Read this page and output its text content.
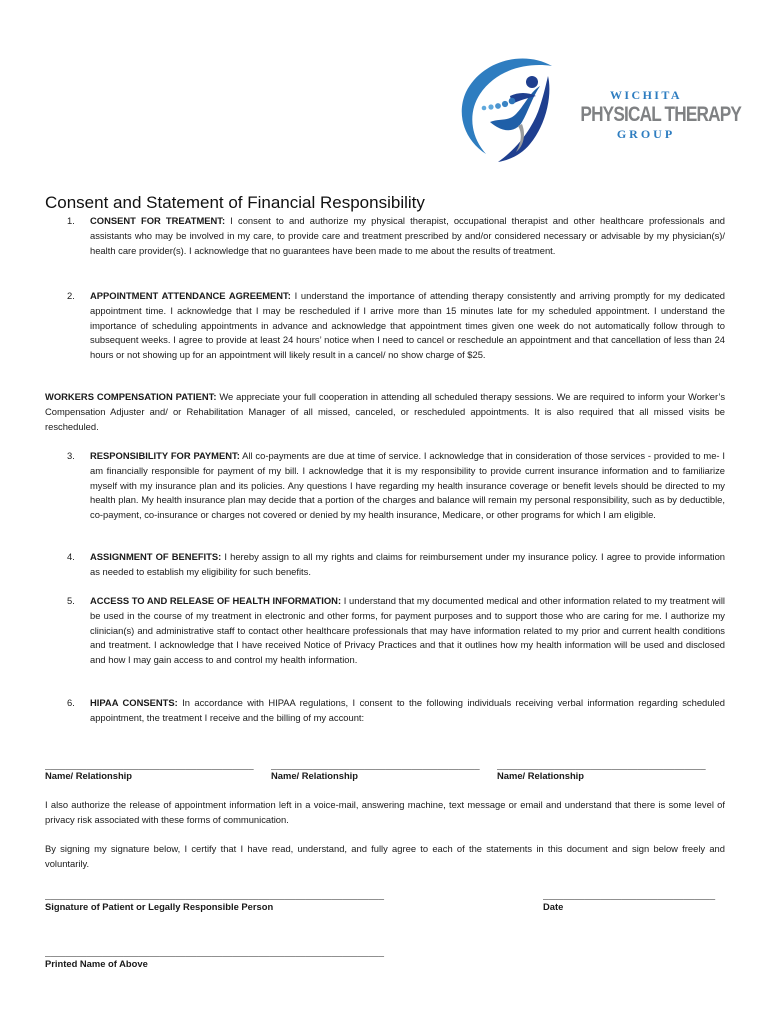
WICHITA
PHYSICAL THERAPY
GROUP
Consent and Statement of Financial Responsibility
1.	CONSENT FOR TREATMENT: I consent to and authorize my physical therapist, occupational therapist and other healthcare professionals and assistants who may be involved in my care, to provide care and treatment prescribed by and/or considered necessary or advisable by my physician(s)/ health care provider(s). I acknowledge that no guarantees have been made to me about the results of treatment.
2.	APPOINTMENT ATTENDANCE AGREEMENT: I understand the importance of attending therapy consistently and arriving promptly for my dedicated appointment time. I acknowledge that I may be rescheduled if I arrive more than 15 minutes late for my scheduled appointment. I understand the importance of scheduling appointments in advance and acknowledge that appointment times given one week do not automatically follow through to subsequent weeks. I agree to provide at least 24 hours’ notice when I need to cancel or reschedule an appointment and that cancellation of less than 24 hours or not showing up for an appointment will likely result in a cancel/ no show charge of $25.
WORKERS COMPENSATION PATIENT: We appreciate your full cooperation in attending all scheduled therapy sessions. We are required to inform your Worker’s Compensation Adjuster and/ or Rehabilitation Manager of all missed, canceled, or rescheduled appointments. It is also required that all missed visits be rescheduled.
3.	RESPONSIBILITY FOR PAYMENT: All co-payments are due at time of service. I acknowledge that in consideration of those services - provided to me- I am financially responsible for payment of my bill. I acknowledge that it is my responsibility to provide current insurance information and to familiarize myself with my insurance plan and its policies. Any questions I have regarding my health insurance coverage or benefit levels should be directed to my health plan. My health insurance plan may decide that a portion of the charges and balance will remain my personal responsibility, such as by deductible, co-payment, co-insurance or charges not covered or denied by my health insurance, Medicare, or other programs for which I am eligible.
4.	ASSIGNMENT OF BENEFITS: I hereby assign to all my rights and claims for reimbursement under my insurance policy. I agree to provide information as needed to establish my eligibility for such benefits.
5.	ACCESS TO AND RELEASE OF HEALTH INFORMATION: I understand that my documented medical and other information related to my treatment will be used in the course of my treatment in electronic and other forms, for payment purposes and to support those who are caring for me. I authorize my clinician(s) and administrative staff to contact other healthcare professionals that may have information related to my prior and current health conditions and treatment. I acknowledge that I have received Notice of Privacy Practices and that it outlines how my health information will be used and disclosed and how I may gain access to and control my health information.
6.	HIPAA CONSENTS: In accordance with HIPAA regulations, I consent to the following individuals receiving verbal information regarding scheduled appointment, the treatment I receive and the billing of my account:
________________________________________	________________________________________	________________________________________
Name/ Relationship	Name/ Relationship	Name/ Relationship
I also authorize the release of appointment information left in a voice-mail, answering machine, text message or email and understand that there is some level of privacy risk associated with these forms of communication.
By signing my signature below, I certify that I have read, understand, and fully agree to each of the statements in this document and sign below freely and voluntarily.
_________________________________________________________________	_________________________________
Signature of Patient or Legally Responsible Person	Date
_________________________________________________________________
Printed Name of Above
